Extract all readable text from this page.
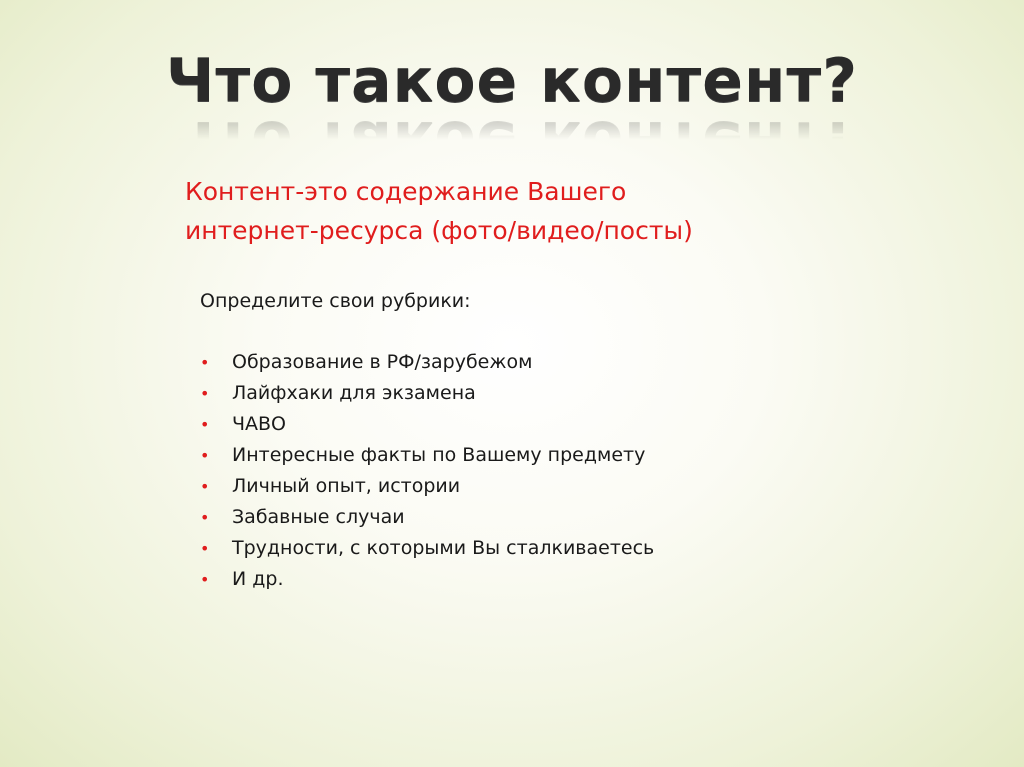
Что такое контент?
Контент-это содержание Вашего
интернет-ресурса (фото/видео/посты)
Определите свои рубрики:
• Образование в РФ/зарубежом
• Лайфхаки для экзамена
• ЧАВО
• Интересные факты по Вашему предмету
• Личный опыт, истории
• Забавные случаи
• Трудности, с которыми Вы сталкиваетесь
• И др.
